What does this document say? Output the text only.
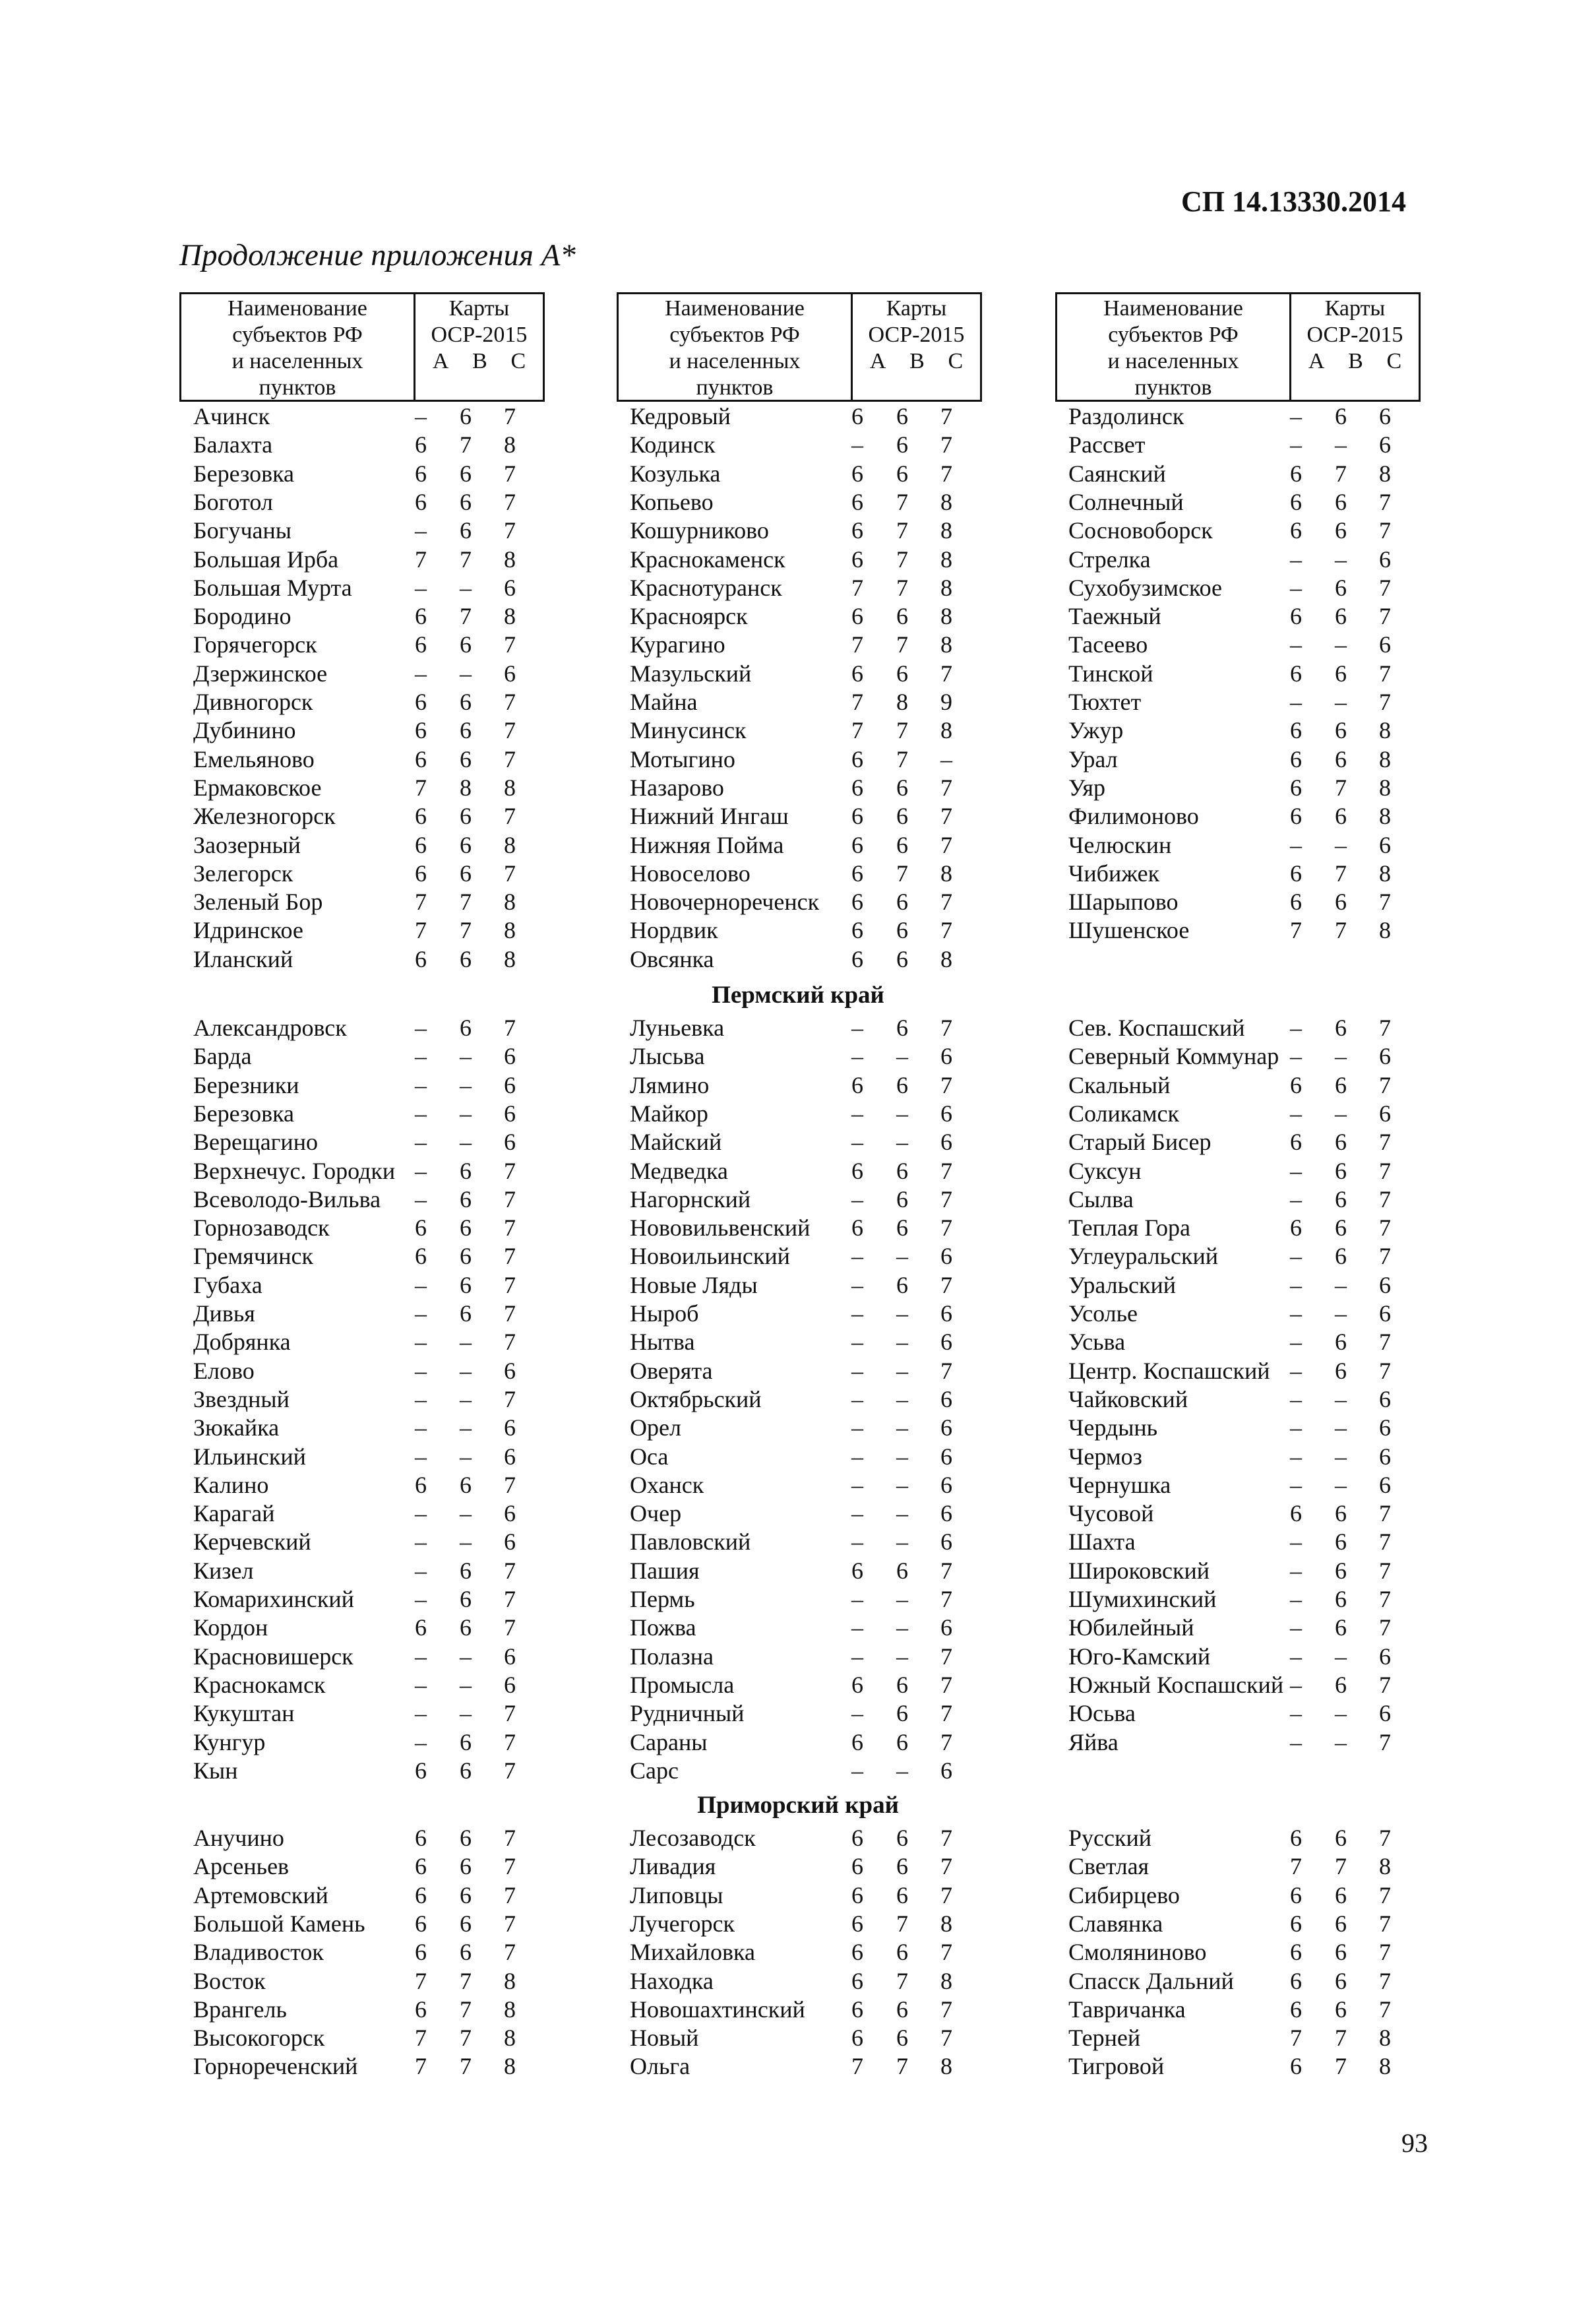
СП 14.13330.2014
Продолжение приложения А*
Наименование
субъектов РФ
и населенных
пунктов
Карты
ОСР-2015
A B C
Наименование
субъектов РФ
и населенных
пунктов
Карты
ОСР-2015
A B C
Наименование
субъектов РФ
и населенных
пунктов
Карты
ОСР-2015
A B C
Ачинск	–	6	7
Балахта	6	7	8
Березовка	6	6	7
Боготол	6	6	7
Богучаны	–	6	7
Большая Ирба	7	7	8
Большая Мурта	–	–	6
Бородино	6	7	8
Горячегорск	6	6	7
Дзержинское	–	–	6
Дивногорск	6	6	7
Дубинино	6	6	7
Емельяново	6	6	7
Ермаковское	7	8	8
Железногорск	6	6	7
Заозерный	6	6	8
Зелегорск	6	6	7
Зеленый Бор	7	7	8
Идринское	7	7	8
Иланский	6	6	8
Кедровый	6	6	7
Кодинск	–	6	7
Козулька	6	6	7
Копьево	6	7	8
Кошурниково	6	7	8
Краснокаменск	6	7	8
Краснотуранск	7	7	8
Красноярск	6	6	8
Курагино	7	7	8
Мазульский	6	6	7
Майна	7	8	9
Минусинск	7	7	8
Мотыгино	6	7	–
Назарово	6	6	7
Нижний Ингаш	6	6	7
Нижняя Пойма	6	6	7
Новоселово	6	7	8
Новочернореченск	6	6	7
Нордвик	6	6	7
Овсянка	6	6	8
Раздолинск	–	6	6
Рассвет	–	–	6
Саянский	6	7	8
Солнечный	6	6	7
Сосновоборск	6	6	7
Стрелка	–	–	6
Сухобузимское	–	6	7
Таежный	6	6	7
Тасеево	–	–	6
Тинской	6	6	7
Тюхтет	–	–	7
Ужур	6	6	8
Урал	6	6	8
Уяр	6	7	8
Филимоново	6	6	8
Челюскин	–	–	6
Чибижек	6	7	8
Шарыпово	6	6	7
Шушенское	7	7	8
Пермский край
Александровск	–	6	7
Барда	–	–	6
Березники	–	–	6
Березовка	–	–	6
Верещагино	–	–	6
Верхнечус. Городки –	6	7
Всеволодо-Вильва	–	6	7
Горнозаводск	6	6	7
Гремячинск	6	6	7
Губаха	–	6	7
Дивья	–	6	7
Добрянка	–	–	7
Елово	–	–	6
Звездный	–	–	7
Зюкайка	–	–	6
Ильинский	–	–	6
Калино	6	6	7
Карагай	–	–	6
Керчевский	–	–	6
Кизел	–	6	7
Комарихинский	–	6	7
Кордон	6	6	7
Красновишерск	–	–	6
Краснокамск	–	–	6
Кукуштан	–	–	7
Кунгур	–	6	7
Кын	6	6	7
Луньевка	–	6	7
Лысьва	–	–	6
Лямино	6	6	7
Майкор	–	–	6
Майский	–	–	6
Медведка	6	6	7
Нагорнский	–	6	7
Нововильвенский	6	6	7
Новоильинский	–	–	6
Новые Ляды	–	6	7
Ныроб	–	–	6
Нытва	–	–	6
Оверята	–	–	7
Октябрьский	–	–	6
Орел	–	–	6
Оса	–	–	6
Оханск	–	–	6
Очер	–	–	6
Павловский	–	–	6
Пашия	6	6	7
Пермь	–	–	7
Пожва	–	–	6
Полазна	–	–	7
Промысла	6	6	7
Рудничный	–	6	7
Сараны	6	6	7
Сарс	–	–	6
Сев. Коспашский	–	6	7
Северный Коммунар –	–	6
Скальный	6	6	7
Соликамск	–	–	6
Старый Бисер	6	6	7
Суксун	–	6	7
Сылва	–	6	7
Теплая Гора	6	6	7
Углеуральский	–	6	7
Уральский	–	–	6
Усолье	–	–	6
Усьва	–	6	7
Центр. Коспашский –	6	7
Чайковский	–	–	6
Чердынь	–	–	6
Чермоз	–	–	6
Чернушка	–	–	6
Чусовой	6	6	7
Шахта	–	6	7
Широковский	–	6	7
Шумихинский	–	6	7
Юбилейный	–	6	7
Юго-Камский	–	–	6
Южный Коспашский –	6	7
Юсьва	–	–	6
Яйва	–	–	7
Приморский край
Анучино	6	6	7
Арсеньев	6	6	7
Артемовский	6	6	7
Большой Камень	6	6	7
Владивосток	6	6	7
Восток	7	7	8
Врангель	6	7	8
Высокогорск	7	7	8
Горнореченский	7	7	8
Лесозаводск	6	6	7
Ливадия	6	6	7
Липовцы	6	6	7
Лучегорск	6	7	8
Михайловка	6	6	7
Находка	6	7	8
Новошахтинский	6	6	7
Новый	6	6	7
Ольга	7	7	8
Русский	6	6	7
Светлая	7	7	8
Сибирцево	6	6	7
Славянка	6	6	7
Смоляниново	6	6	7
Спасск Дальний	6	6	7
Тавричанка	6	6	7
Терней	7	7	8
Тигровой	6	7	8
93
